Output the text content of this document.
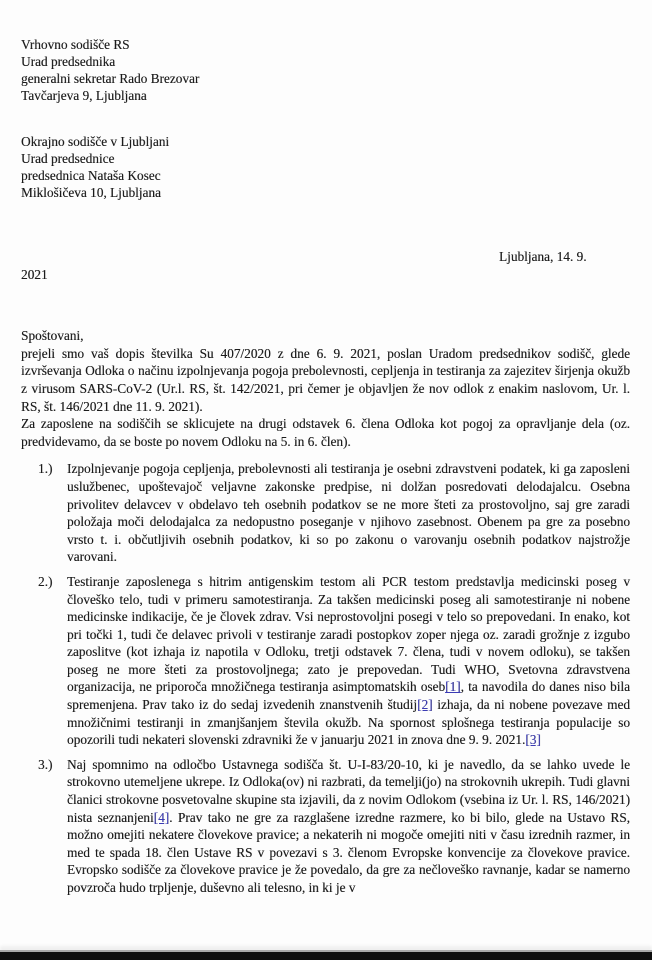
Vrhovno sodišče RS
Urad predsednika
generalni sekretar Rado Brezovar
Tavčarjeva 9, Ljubljana
Okrajno sodišče v Ljubljani
Urad predsednice
predsednica Nataša Kosec
Miklošičeva 10, Ljubljana
Ljubljana, 14. 9.
2021
Spoštovani,

prejeli smo vaš dopis številka Su 407/2020 z dne 6. 9. 2021, poslan Uradom predsednikov sodišč, glede izvrševanja Odloka o načinu izpolnjevanja pogoja prebolevnosti, cepljenja in testiranja za zajezitev širjenja okužb z virusom SARS-CoV-2 (Ur.l. RS, št. 142/2021, pri čemer je objavljen že nov odlok z enakim naslovom, Ur. l. RS, št. 146/2021 dne 11. 9. 2021).

Za zaposlene na sodiščih se sklicujete na drugi odstavek 6. člena Odloka kot pogoj za opravljanje dela (oz. predvidevamo, da se boste po novem Odloku na 5. in 6. člen).

1.)	Izpolnjevanje pogoja cepljenja, prebolevnosti ali testiranja je osebni zdravstveni podatek, ki ga zaposleni uslužbenec, upoštevajoč veljavne zakonske predpise, ni dolžan posredovati delodajalcu. Osebna privolitev delavcev v obdelavo teh osebnih podatkov se ne more šteti za prostovoljno, saj gre zaradi položaja moči delodajalca za nedopustno poseganje v njihovo zasebnost. Obenem pa gre za posebno vrsto t. i. občutljivih osebnih podatkov, ki so po zakonu o varovanju osebnih podatkov najstrožje varovani.
2.)	Testiranje zaposlenega s hitrim antigenskim testom ali PCR testom predstavlja medicinski poseg v človeško telo, tudi v primeru samotestiranja. Za takšen medicinski poseg ali samotestiranje ni nobene medicinske indikacije, če je človek zdrav. Vsi neprostovoljni posegi v telo so prepovedani. In enako, kot pri točki 1, tudi če delavec privoli v testiranje zaradi postopkov zoper njega oz. zaradi grožnje z izgubo zaposlitve (kot izhaja iz napotila v Odloku, tretji odstavek 7. člena, tudi v novem odloku), se takšen poseg ne more šteti za prostovoljnega; zato je prepovedan. Tudi WHO, Svetovna zdravstvena organizacija, ne priporoča množičnega testiranja asimptomatskih oseb[1], ta navodila do danes niso bila spremenjena. Prav tako iz do sedaj izvedenih znanstvenih študij[2] izhaja, da ni nobene povezave med množičnimi testiranji in zmanjšanjem števila okužb. Na spornost splošnega testiranja populacije so opozorili tudi nekateri slovenski zdravniki že v januarju 2021 in znova dne 9. 9. 2021.[3]
3.)	Naj spomnimo na odločbo Ustavnega sodišča št. U-I-83/20-10, ki je navedlo, da se lahko uvede le strokovno utemeljene ukrepe. Iz Odloka(ov) ni razbrati, da temelji(jo) na strokovnih ukrepih. Tudi glavni članici strokovne posvetovalne skupine sta izjavili, da z novim Odlokom (vsebina iz Ur. l. RS, 146/2021) nista seznanjeni[4]. Prav tako ne gre za razglašene izredne razmere, ko bi bilo, glede na Ustavo RS, možno omejiti nekatere človekove pravice; a nekaterih ni mogoče omejiti niti v času izrednih razmer, in med te spada 18. člen Ustave RS v povezavi s 3. členom Evropske konvencije za človekove pravice. Evropsko sodišče za človekove pravice je že povedalo, da gre za nečloveško ravnanje, kadar se namerno povzroča hudo trpljenje, duševno ali telesno, in ki je v
